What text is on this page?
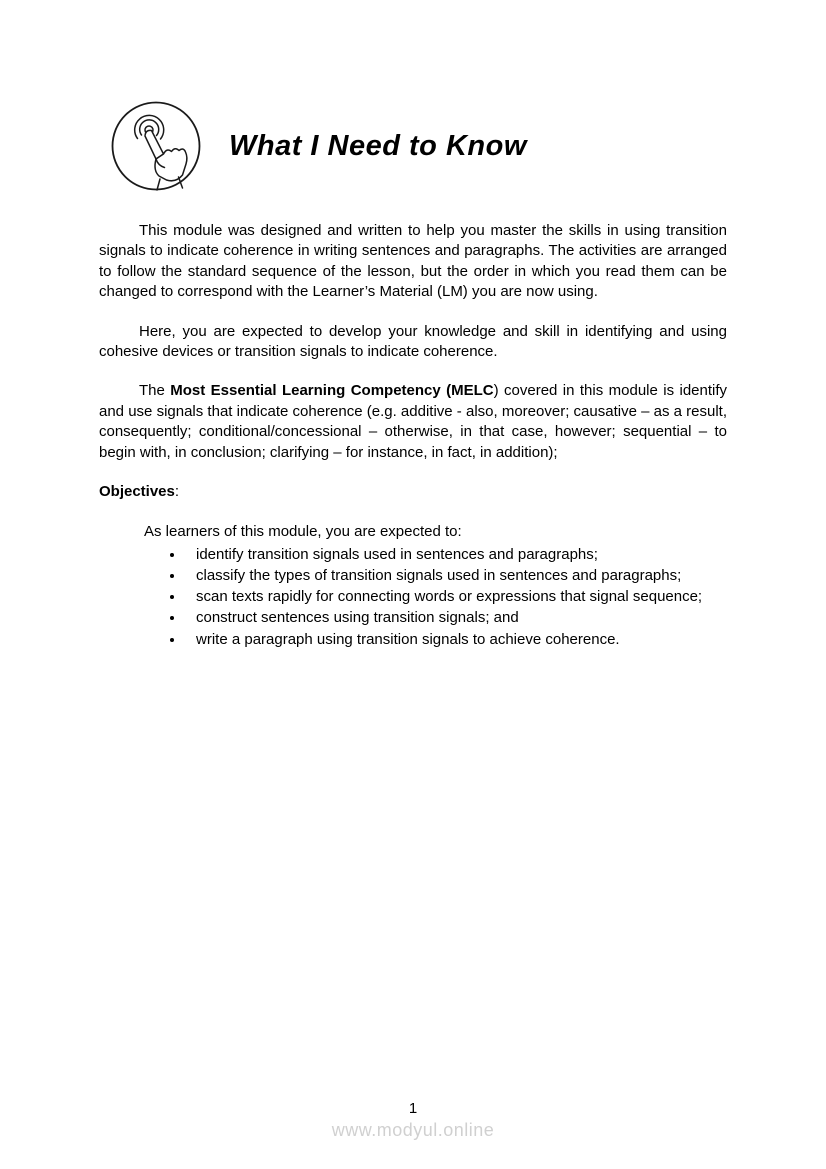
What I Need to Know

This module was designed and written to help you master the skills in using transition signals to indicate coherence in writing sentences and paragraphs. The activities are arranged to follow the standard sequence of the lesson, but the order in which you read them can be changed to correspond with the Learner’s Material (LM) you are now using.

Here, you are expected to develop your knowledge and skill in identifying and using cohesive devices or transition signals to indicate coherence.

The Most Essential Learning Competency (MELC) covered in this module is identify and use signals that indicate coherence (e.g. additive - also, moreover; causative – as a result, consequently; conditional/concessional – otherwise, in that case, however; sequential – to begin with, in conclusion; clarifying – for instance, in fact, in addition);

Objectives:

As learners of this module, you are expected to:

• identify transition signals used in sentences and paragraphs;
• classify the types of transition signals used in sentences and paragraphs;
• scan texts rapidly for connecting words or expressions that signal sequence;
• construct sentences using transition signals; and
• write a paragraph using transition signals to achieve coherence.
1
www.modyul.online
